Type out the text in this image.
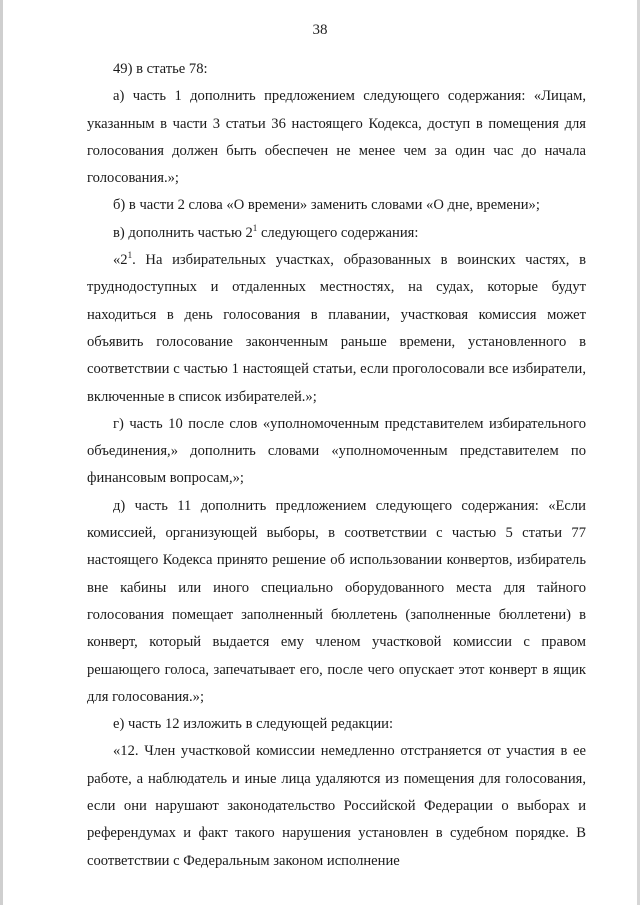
38

49) в статье 78:

а) часть 1 дополнить предложением следующего содержания: «Лицам, указанным в части 3 статьи 36 настоящего Кодекса, доступ в помещения для голосования должен быть обеспечен не менее чем за один час до начала голосования.»;

б) в части 2 слова «О времени» заменить словами «О дне, времени»;

в) дополнить частью $2^1$ следующего содержания:

«$2^1$. На избирательных участках, образованных в воинских частях, в труднодоступных и отдаленных местностях, на судах, которые будут находиться в день голосования в плавании, участковая комиссия может объявить голосование законченным раньше времени, установленного в соответствии с частью 1 настоящей статьи, если проголосовали все избиратели, включенные в список избирателей.»;

г) часть 10 после слов «уполномоченным представителем избирательного объединения,» дополнить словами «уполномоченным представителем по финансовым вопросам,»;

д) часть 11 дополнить предложением следующего содержания: «Если комиссией, организующей выборы, в соответствии с частью 5 статьи 77 настоящего Кодекса принято решение об использовании конвертов, избиратель вне кабины или иного специально оборудованного места для тайного голосования помещает заполненный бюллетень (заполненные бюллетени) в конверт, который выдается ему членом участковой комиссии с правом решающего голоса, запечатывает его, после чего опускает этот конверт в ящик для голосования.»;

е) часть 12 изложить в следующей редакции:

«12. Член участковой комиссии немедленно отстраняется от участия в ее работе, а наблюдатель и иные лица удаляются из помещения для голосования, если они нарушают законодательство Российской Федерации о выборах и референдумах и факт такого нарушения установлен в судебном порядке. В соответствии с Федеральным законом исполнение
